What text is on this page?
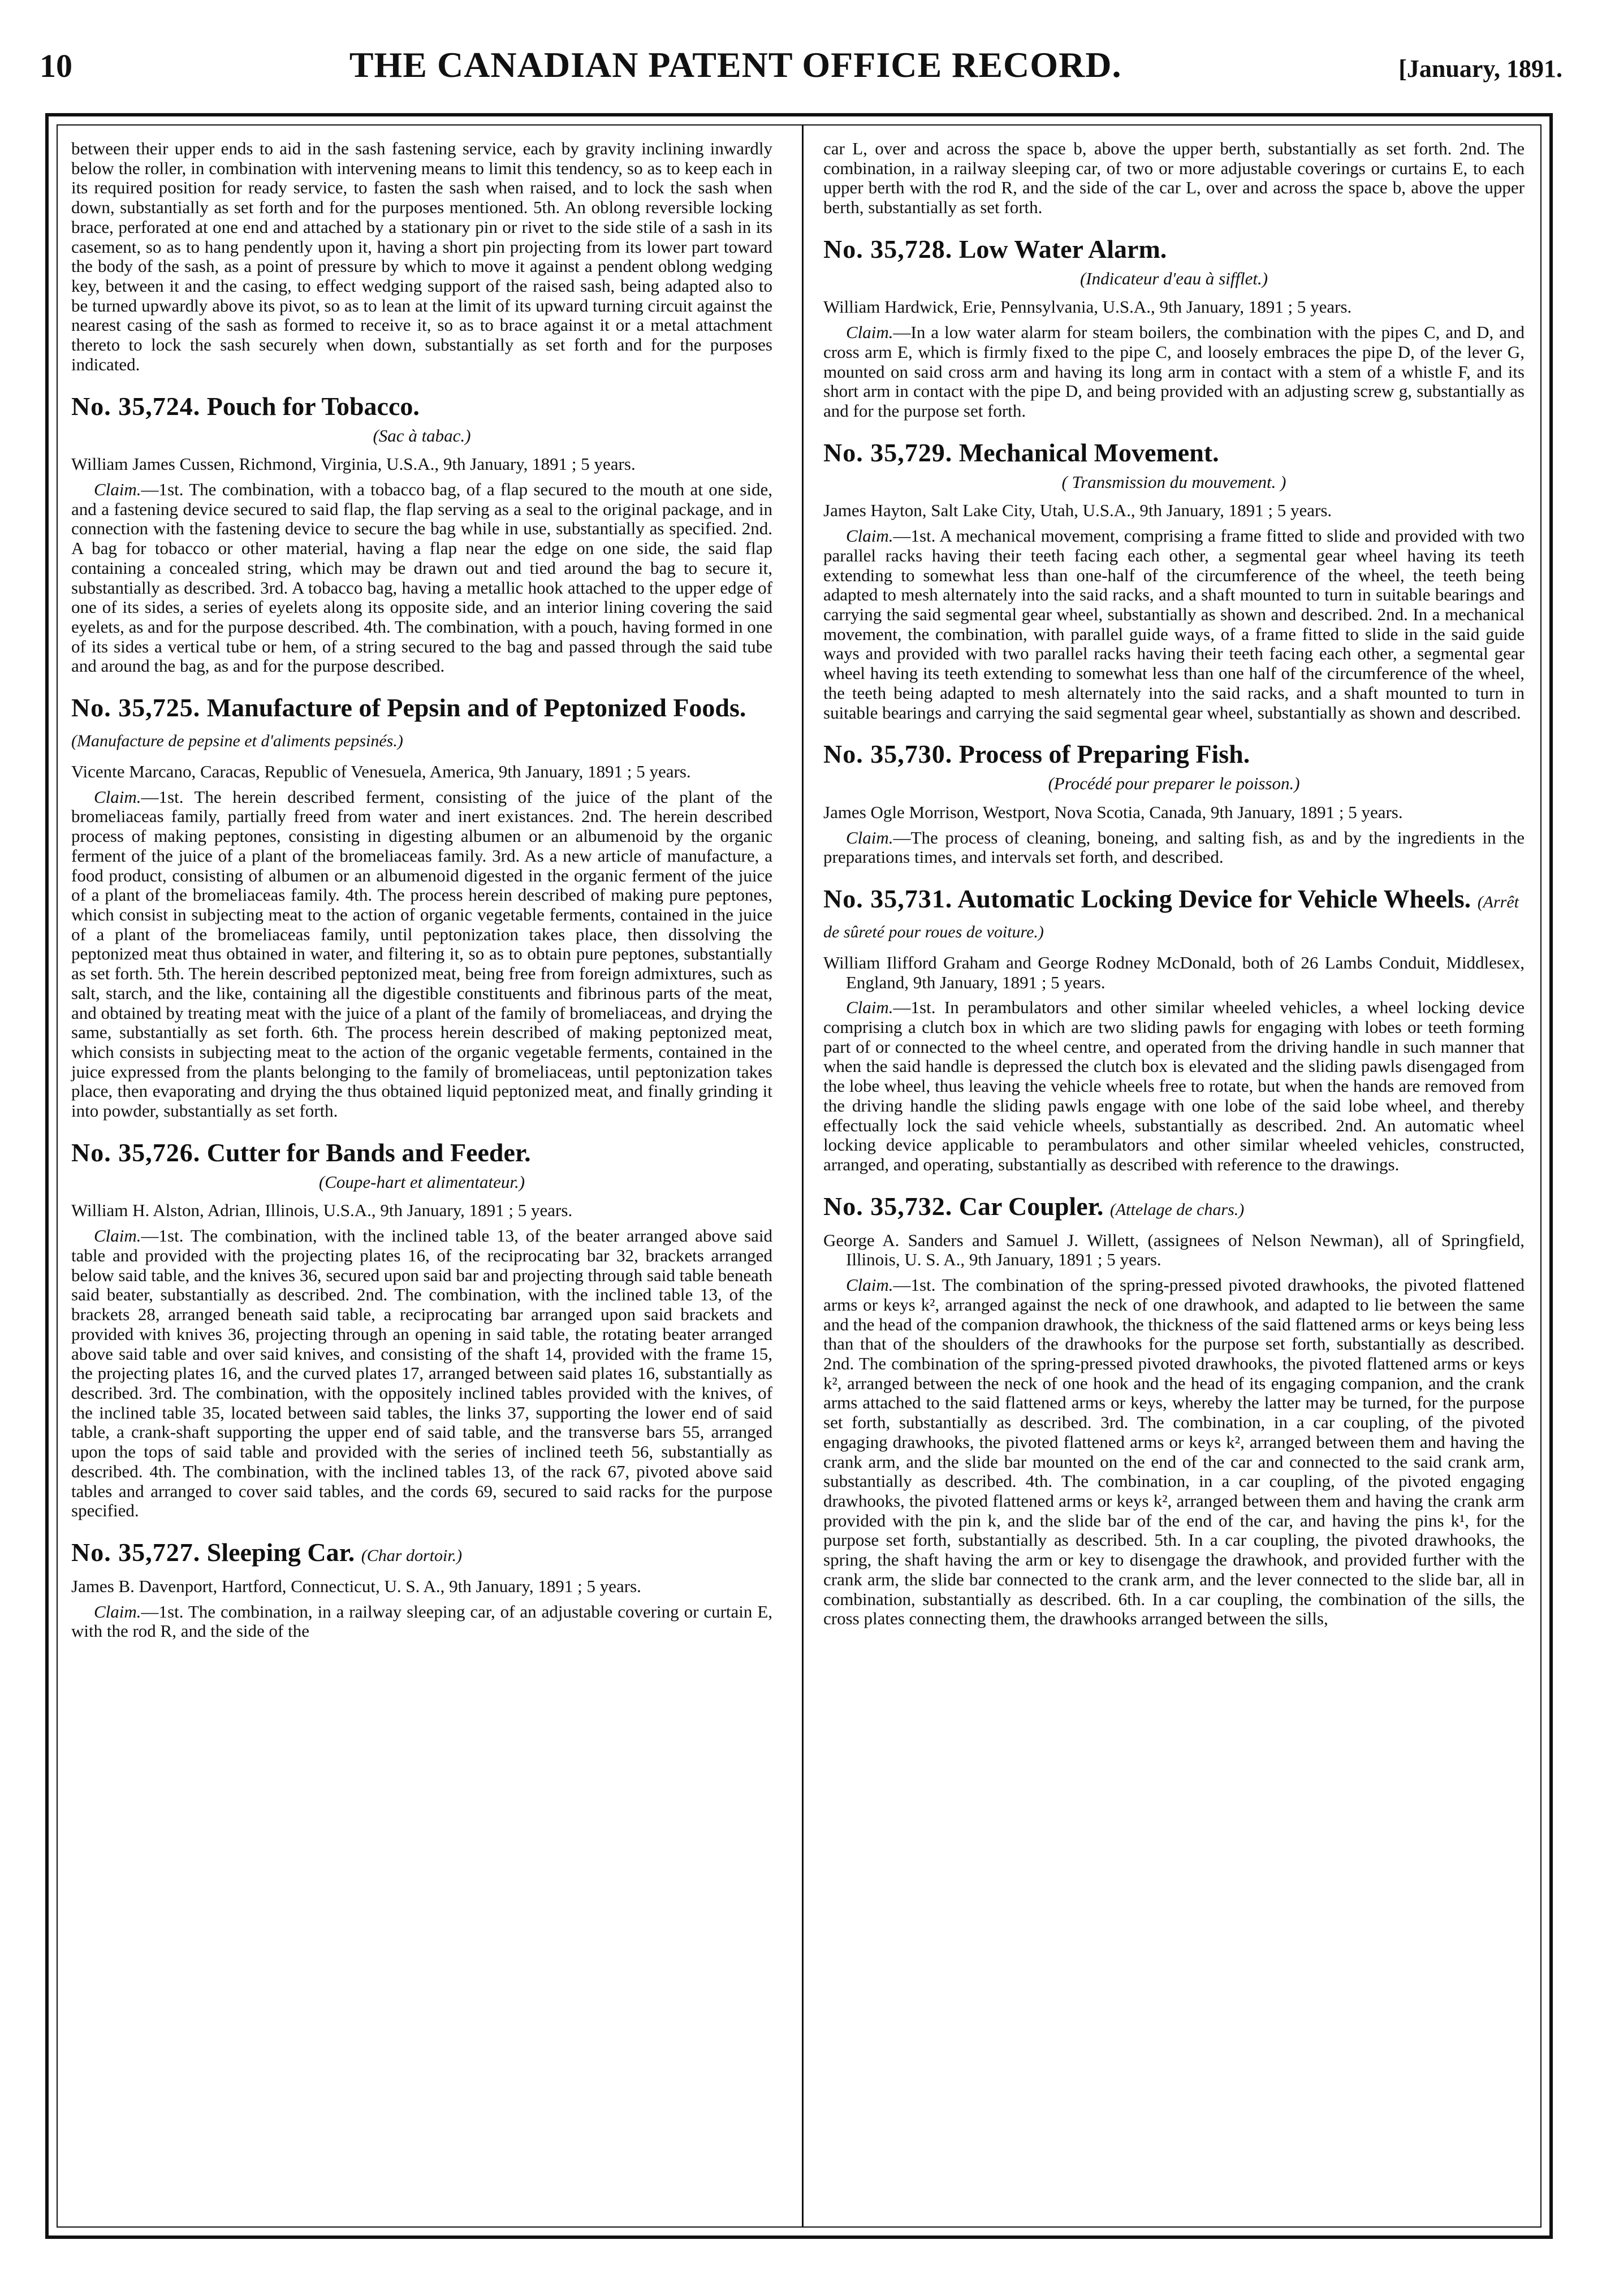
10	THE CANADIAN PATENT OFFICE RECORD.	[January, 1891.

between their upper ends to aid in the sash fastening service, each by gravity inclining inwardly below the roller, in combination with intervening means to limit this tendency, so as to keep each in its required position for ready service, to fasten the sash when raised, and to lock the sash when down, substantially as set forth and for the purposes mentioned. 5th. An oblong reversible locking brace, perforated at one end and attached by a stationary pin or rivet to the side stile of a sash in its casement, so as to hang pendently upon it, having a short pin projecting from its lower part toward the body of the sash, as a point of pressure by which to move it against a pendent oblong wedging key, between it and the casing, to effect wedging support of the raised sash, being adapted also to be turned upwardly above its pivot, so as to lean at the limit of its upward turning circuit against the nearest casing of the sash as formed to receive it, so as to brace against it or a metal attachment thereto to lock the sash securely when down, substantially as set forth and for the purposes indicated.

No. 35,724. Pouch for Tobacco.
(Sac à tabac.)

William James Cussen, Richmond, Virginia, U.S.A., 9th January, 1891 ; 5 years.

Claim.—1st. The combination, with a tobacco bag, of a flap secured to the mouth at one side, and a fastening device secured to said flap, the flap serving as a seal to the original package, and in connection with the fastening device to secure the bag while in use, substantially as specified. 2nd. A bag for tobacco or other material, having a flap near the edge on one side, the said flap containing a concealed string, which may be drawn out and tied around the bag to secure it, substantially as described. 3rd. A tobacco bag, having a metallic hook attached to the upper edge of one of its sides, a series of eyelets along its opposite side, and an interior lining covering the said eyelets, as and for the purpose described. 4th. The combination, with a pouch, having formed in one of its sides a vertical tube or hem, of a string secured to the bag and passed through the said tube and around the bag, as and for the purpose described.

No. 35,725. Manufacture of Pepsin and of Peptonized Foods. (Manufacture de pepsine et d'aliments pepsinés.)

Vicente Marcano, Caracas, Republic of Venesuela, America, 9th January, 1891 ; 5 years.

Claim.—1st. The herein described ferment, consisting of the juice of the plant of the bromeliaceas family, partially freed from water and inert existances. 2nd. The herein described process of making peptones, consisting in digesting albumen or an albumenoid by the organic ferment of the juice of a plant of the bromeliaceas family. 3rd. As a new article of manufacture, a food product, consisting of albumen or an albumenoid digested in the organic ferment of the juice of a plant of the bromeliaceas family. 4th. The process herein described of making pure peptones, which consist in subjecting meat to the action of organic vegetable ferments, contained in the juice of a plant of the bromeliaceas family, until peptonization takes place, then dissolving the peptonized meat thus obtained in water, and filtering it, so as to obtain pure peptones, substantially as set forth. 5th. The herein described peptonized meat, being free from foreign admixtures, such as salt, starch, and the like, containing all the digestible constituents and fibrinous parts of the meat, and obtained by treating meat with the juice of a plant of the family of bromeliaceas, and drying the same, substantially as set forth. 6th. The process herein described of making peptonized meat, which consists in subjecting meat to the action of the organic vegetable ferments, contained in the juice expressed from the plants belonging to the family of bromeliaceas, until peptonization takes place, then evaporating and drying the thus obtained liquid peptonized meat, and finally grinding it into powder, substantially as set forth.

No. 35,726. Cutter for Bands and Feeder.
(Coupe-hart et alimentateur.)

William H. Alston, Adrian, Illinois, U.S.A., 9th January, 1891 ; 5 years.

Claim.—1st. The combination, with the inclined table 13, of the beater arranged above said table and provided with the projecting plates 16, of the reciprocating bar 32, brackets arranged below said table, and the knives 36, secured upon said bar and projecting through said table beneath said beater, substantially as described. 2nd. The combination, with the inclined table 13, of the brackets 28, arranged beneath said table, a reciprocating bar arranged upon said brackets and provided with knives 36, projecting through an opening in said table, the rotating beater arranged above said table and over said knives, and consisting of the shaft 14, provided with the frame 15, the projecting plates 16, and the curved plates 17, arranged between said plates 16, substantially as described. 3rd. The combination, with the oppositely inclined tables provided with the knives, of the inclined table 35, located between said tables, the links 37, supporting the lower end of said table, a crank-shaft supporting the upper end of said table, and the transverse bars 55, arranged upon the tops of said table and provided with the series of inclined teeth 56, substantially as described. 4th. The combination, with the inclined tables 13, of the rack 67, pivoted above said tables and arranged to cover said tables, and the cords 69, secured to said racks for the purpose specified.

No. 35,727. Sleeping Car. (Char dortoir.)

James B. Davenport, Hartford, Connecticut, U. S. A., 9th January, 1891 ; 5 years.

Claim.—1st. The combination, in a railway sleeping car, of an adjustable covering or curtain E, with the rod R, and the side of the

car L, over and across the space b, above the upper berth, substantially as set forth. 2nd. The combination, in a railway sleeping car, of two or more adjustable coverings or curtains E, to each upper berth with the rod R, and the side of the car L, over and across the space b, above the upper berth, substantially as set forth.

No. 35,728. Low Water Alarm.
(Indicateur d'eau à sifflet.)

William Hardwick, Erie, Pennsylvania, U.S.A., 9th January, 1891 ; 5 years.

Claim.—In a low water alarm for steam boilers, the combination with the pipes C, and D, and cross arm E, which is firmly fixed to the pipe C, and loosely embraces the pipe D, of the lever G, mounted on said cross arm and having its long arm in contact with a stem of a whistle F, and its short arm in contact with the pipe D, and being provided with an adjusting screw g, substantially as and for the purpose set forth.

No. 35,729. Mechanical Movement.
( Transmission du mouvement. )

James Hayton, Salt Lake City, Utah, U.S.A., 9th January, 1891 ; 5 years.

Claim.—1st. A mechanical movement, comprising a frame fitted to slide and provided with two parallel racks having their teeth facing each other, a segmental gear wheel having its teeth extending to somewhat less than one-half of the circumference of the wheel, the teeth being adapted to mesh alternately into the said racks, and a shaft mounted to turn in suitable bearings and carrying the said segmental gear wheel, substantially as shown and described. 2nd. In a mechanical movement, the combination, with parallel guide ways, of a frame fitted to slide in the said guide ways and provided with two parallel racks having their teeth facing each other, a segmental gear wheel having its teeth extending to somewhat less than one half of the circumference of the wheel, the teeth being adapted to mesh alternately into the said racks, and a shaft mounted to turn in suitable bearings and carrying the said segmental gear wheel, substantially as shown and described.

No. 35,730. Process of Preparing Fish.
(Procédé pour preparer le poisson.)

James Ogle Morrison, Westport, Nova Scotia, Canada, 9th January, 1891 ; 5 years.

Claim.—The process of cleaning, boneing, and salting fish, as and by the ingredients in the preparations times, and intervals set forth, and described.

No. 35,731. Automatic Locking Device for Vehicle Wheels. (Arrêt de sûreté pour roues de voiture.)

William Ilifford Graham and George Rodney McDonald, both of 26 Lambs Conduit, Middlesex, England, 9th January, 1891 ; 5 years.

Claim.—1st. In perambulators and other similar wheeled vehicles, a wheel locking device comprising a clutch box in which are two sliding pawls for engaging with lobes or teeth forming part of or connected to the wheel centre, and operated from the driving handle in such manner that when the said handle is depressed the clutch box is elevated and the sliding pawls disengaged from the lobe wheel, thus leaving the vehicle wheels free to rotate, but when the hands are removed from the driving handle the sliding pawls engage with one lobe of the said lobe wheel, and thereby effectually lock the said vehicle wheels, substantially as described. 2nd. An automatic wheel locking device applicable to perambulators and other similar wheeled vehicles, constructed, arranged, and operating, substantially as described with reference to the drawings.

No. 35,732. Car Coupler. (Attelage de chars.)

George A. Sanders and Samuel J. Willett, (assignees of Nelson Newman), all of Springfield, Illinois, U. S. A., 9th January, 1891 ; 5 years.

Claim.—1st. The combination of the spring-pressed pivoted drawhooks, the pivoted flattened arms or keys k², arranged against the neck of one drawhook, and adapted to lie between the same and the head of the companion drawhook, the thickness of the said flattened arms or keys being less than that of the shoulders of the drawhooks for the purpose set forth, substantially as described. 2nd. The combination of the spring-pressed pivoted drawhooks, the pivoted flattened arms or keys k², arranged between the neck of one hook and the head of its engaging companion, and the crank arms attached to the said flattened arms or keys, whereby the latter may be turned, for the purpose set forth, substantially as described. 3rd. The combination, in a car coupling, of the pivoted engaging drawhooks, the pivoted flattened arms or keys k², arranged between them and having the crank arm, and the slide bar mounted on the end of the car and connected to the said crank arm, substantially as described. 4th. The combination, in a car coupling, of the pivoted engaging drawhooks, the pivoted flattened arms or keys k², arranged between them and having the crank arm provided with the pin k, and the slide bar of the end of the car, and having the pins k¹, for the purpose set forth, substantially as described. 5th. In a car coupling, the pivoted drawhooks, the spring, the shaft having the arm or key to disengage the drawhook, and provided further with the crank arm, the slide bar connected to the crank arm, and the lever connected to the slide bar, all in combination, substantially as described. 6th. In a car coupling, the combination of the sills, the cross plates connecting them, the drawhooks arranged between the sills,
